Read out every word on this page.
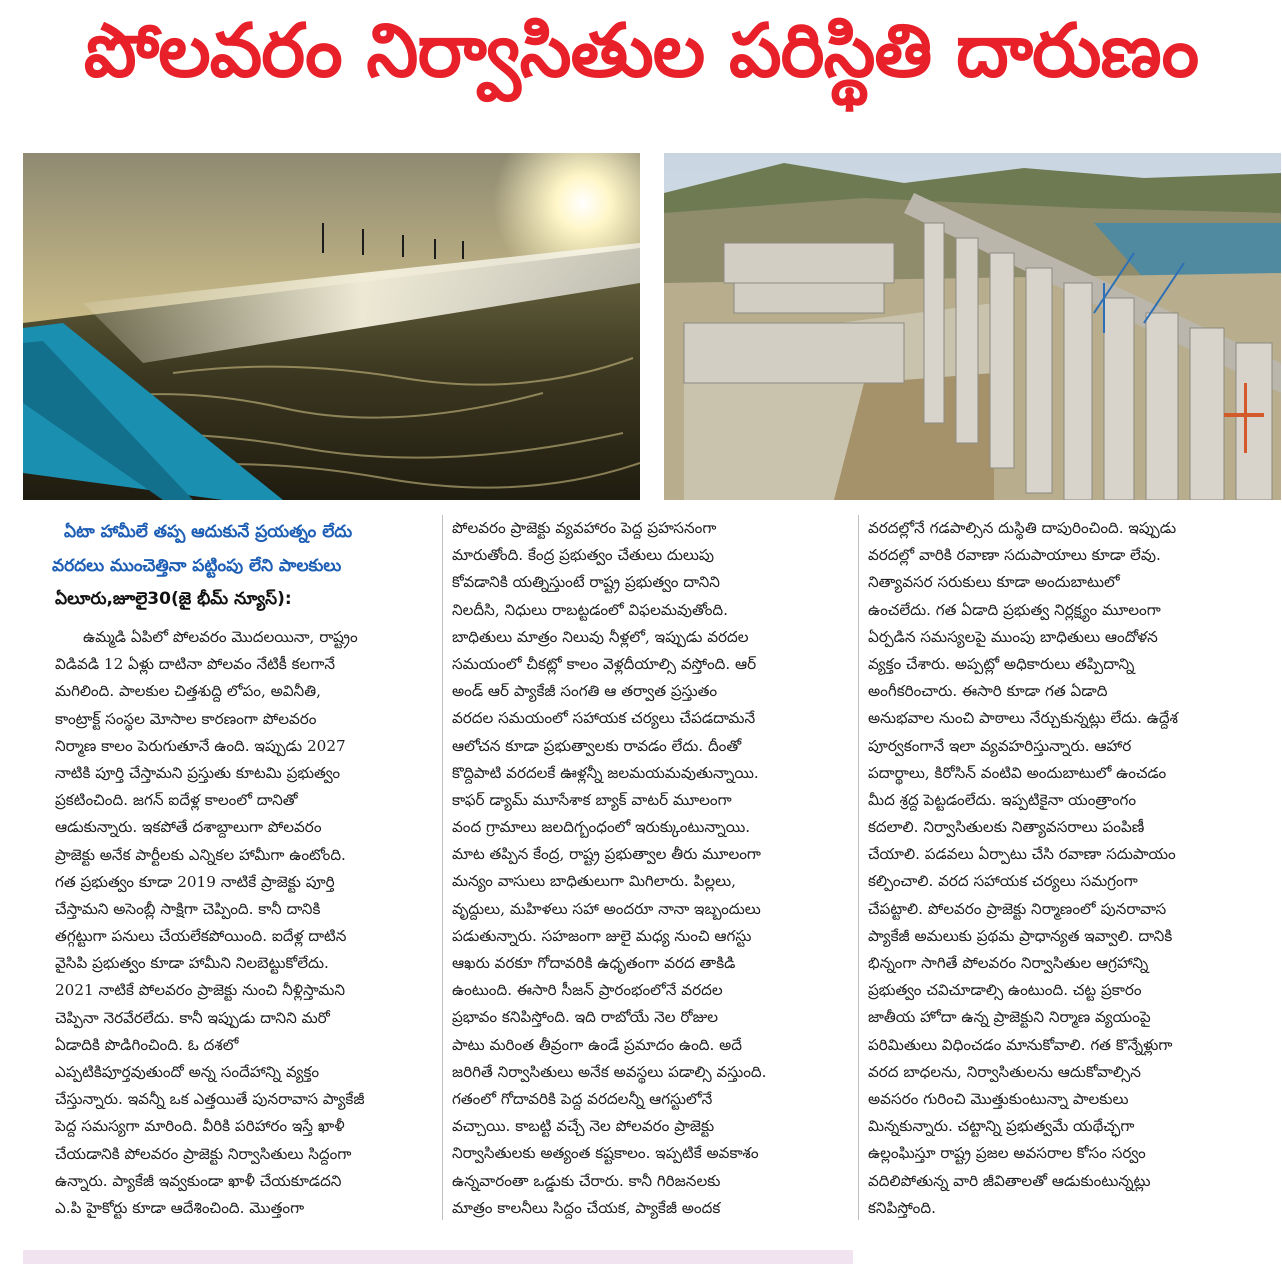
పోలవరం నిర్వాసితుల పరిస్థితి దారుణం
ఏటా హామీలే తప్ప ఆదుకునే ప్రయత్నం లేదు
వరదలు ముంచెత్తినా పట్టింపు లేని పాలకులు
ఏలూరు,జూలై30(జై భీమ్ న్యూస్):
ఉమ్మడి ఏపిలో పోలవరం మొదలయినా, రాష్ట్రం
విడివడి 12 ఏళ్లు దాటినా పోలవం నేటికీ కలగానే
మగిలింది. పాలకుల చిత్తశుద్ది లోపం, అవినీతి,
కాంట్రాక్ట్ సంస్థల మోసాల కారణంగా పోలవరం
నిర్మాణ కాలం పెరుగుతూనే ఉంది. ఇప్పుడు 2027
నాటికి పూర్తి చేస్తామని ప్రస్తుతు కూటమి ప్రభుత్వం
ప్రకటించింది. జగన్ ఐదేళ్ల కాలంలో దానితో
ఆడుకున్నారు. ఇకపోతే దశాబ్దాలుగా పోలవరం
ప్రాజెక్టు అనేక పార్టీలకు ఎన్నికల హామీగా ఉంటోంది.
గత ప్రభుత్వం కూడా 2019 నాటికే ప్రాజెక్టు పూర్తి
చేస్తామని అసెంబ్లీ సాక్షిగా చెప్పింది. కానీ దానికి
తగ్గట్టుగా పనులు చేయలేకపోయింది. ఐదేళ్ల దాటిన
వైసిపి ప్రభుత్వం కూడా హామీని నిలబెట్టుకోలేదు.
2021 నాటికే పోలవరం ప్రాజెక్టు నుంచి నీళ్లిస్తామని
చెప్పినా నెరవేరలేదు. కానీ ఇప్పుడు దానిని మరో
ఏడాదికి పొడిగించింది. ఓ దశలో
ఎప్పటికిపూర్తవుతుందో అన్న సందేహాన్ని వ్యక్తం
చేస్తున్నారు. ఇవన్నీ ఒక ఎత్తయితే పునరావాస ప్యాకేజీ
పెద్ద సమస్యగా మారింది. వీరికి పరిహారం ఇస్తే ఖాళీ
చేయడానికి పోలవరం ప్రాజెక్టు నిర్వాసితులు సిద్దంగా
ఉన్నారు. ప్యాకేజీ ఇవ్వకుండా ఖాళీ చేయకూడదని
ఎ.పి హైకోర్టు కూడా ఆదేశించింది. మొత్తంగా
పోలవరం ప్రాజెక్టు వ్యవహారం పెద్ద ప్రహసనంగా
మారుతోంది. కేంద్ర ప్రభుత్వం చేతులు దులుపు
కోవడానికి యత్నిస్తుంటే రాష్ట్ర ప్రభుత్వం దానిని
నిలదీసి, నిధులు రాబట్టడంలో విఫలమవుతోంది.
బాధితులు మాత్రం నిలువు నీళ్లలో, ఇప్పుడు వరదల
సమయంలో చీకట్లో కాలం వెళ్లదీయాల్సి వస్తోంది. ఆర్
అండ్ ఆర్ ప్యాకేజీ సంగతి ఆ తర్వాత ప్రస్తుతం
వరదల సమయంలో సహాయక చర్యలు చేపడదామనే
ఆలోచన కూడా ప్రభుత్వాలకు రావడం లేదు. దీంతో
కొద్దిపాటి వరదలకే ఊళ్లన్నీ జలమయమవుతున్నాయి.
కాఫర్ డ్యామ్ మూసేశాక బ్యాక్ వాటర్ మూలంగా
వంద గ్రామాలు జలదిగ్బంధంలో ఇరుక్కుంటున్నాయి.
మాట తప్పిన కేంద్ర, రాష్ట్ర ప్రభుత్వాల తీరు మూలంగా
మన్యం వాసులు బాధితులుగా మిగిలారు. పిల్లలు,
వృద్దులు, మహిళలు సహా అందరూ నానా ఇబ్బందులు
పడుతున్నారు. సహజంగా జులై మధ్య నుంచి ఆగస్టు
ఆఖరు వరకూ గోదావరికి ఉధృతంగా వరద తాకిడి
ఉంటుంది. ఈసారి సీజన్ ప్రారంభంలోనే వరదల
ప్రభావం కనిపిస్తోంది. ఇది రాబోయే నెల రోజుల
పాటు మరింత తీవ్రంగా ఉండే ప్రమాదం ఉంది. అదే
జరిగితే నిర్వాసితులు అనేక అవస్థలు పడాల్సి వస్తుంది.
గతంలో గోదావరికి పెద్ద వరదలన్నీ ఆగస్టులోనే
వచ్చాయి. కాబట్టి వచ్చే నెల పోలవరం ప్రాజెక్టు
నిర్వాసితులకు అత్యంత కష్టకాలం. ఇప్పటికే అవకాశం
ఉన్నవారంతా ఒడ్డుకు చేరారు. కానీ గిరిజనలకు
మాత్రం కాలనీలు సిద్దం చేయక, ప్యాకేజీ అందక
వరదల్లోనే గడపాల్సిన దుస్థితి దాపురించింది. ఇప్పుడు
వరదల్లో వారికి రవాణా సదుపాయాలు కూడా లేవు.
నిత్యావసర సరుకులు కూడా అందుబాటులో
ఉంచలేదు. గత ఏడాది ప్రభుత్వ నిర్లక్ష్యం మూలంగా
ఏర్పడిన సమస్యలపై ముంపు బాధితులు ఆందోళన
వ్యక్తం చేశారు. అప్పట్లో అధికారులు తప్పిదాన్ని
అంగీకరించారు. ఈసారి కూడా గత ఏడాది
అనుభవాల నుంచి పాఠాలు నేర్చుకున్నట్లు లేదు. ఉద్దేశ
పూర్వకంగానే ఇలా వ్యవహరిస్తున్నారు. ఆహార
పదార్థాలు, కిరోసిన్ వంటివి అందుబాటులో ఉంచడం
మీద శ్రద్ద పెట్టడంలేదు. ఇప్పటికైనా యంత్రాంగం
కదలాలి. నిర్వాసితులకు నిత్యావసరాలు పంపిణీ
చేయాలి. పడవలు ఏర్పాటు చేసి రవాణా సదుపాయం
కల్పించాలి. వరద సహాయక చర్యలు సమగ్రంగా
చేపట్టాలి. పోలవరం ప్రాజెక్టు నిర్మాణంలో పునరావాస
ప్యాకేజీ అమలుకు ప్రథమ ప్రాధాన్యత ఇవ్వాలి. దానికి
భిన్నంగా సాగితే పోలవరం నిర్వాసితుల ఆగ్రహాన్ని
ప్రభుత్వం చవిచూడాల్సి ఉంటుంది. చట్ట ప్రకారం
జాతీయ హోదా ఉన్న ప్రాజెక్టుని నిర్మాణ వ్యయంపై
పరిమితులు విధించడం మానుకోవాలి. గత కొన్నేళ్లుగా
వరద బాధలను, నిర్వాసితులను ఆదుకోవాల్సిన
అవసరం గురించి మొత్తుకుంటున్నా పాలకులు
మిన్నకున్నారు. చట్టాన్ని ప్రభుత్వమే యథేచ్ఛగా
ఉల్లంఘిస్తూ రాష్ట్ర ప్రజల అవసరాల కోసం సర్వం
వదిలిపోతున్న వారి జీవితాలతో ఆడుకుంటున్నట్లు
కనిపిస్తోంది.
